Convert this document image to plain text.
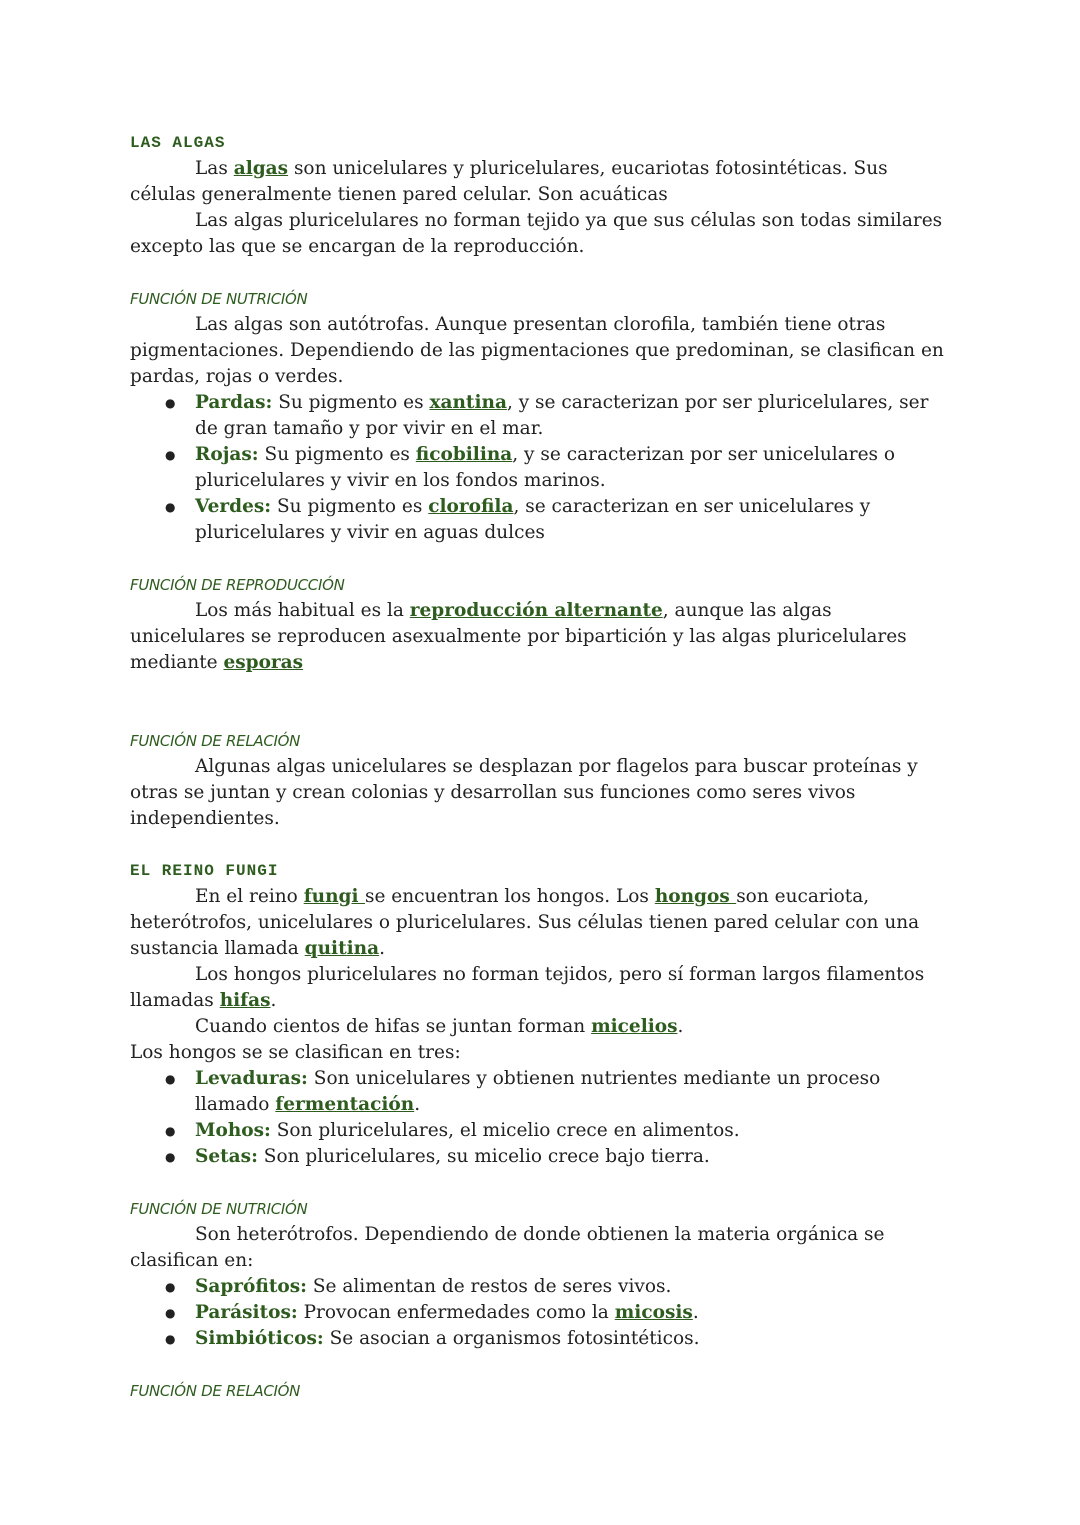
LAS ALGAS

Las algas son unicelulares y pluricelulares, eucariotas fotosintéticas. Sus células generalmente tienen pared celular. Son acuáticas

Las algas pluricelulares no forman tejido ya que sus células son todas similares excepto las que se encargan de la reproducción.

FUNCIÓN DE NUTRICIÓN

Las algas son autótrofas. Aunque presentan clorofila, también tiene otras pigmentaciones. Dependiendo de las pigmentaciones que predominan, se clasifican en pardas, rojas o verdes.

● Pardas: Su pigmento es xantina, y se caracterizan por ser pluricelulares, ser de gran tamaño y por vivir en el mar.
● Rojas: Su pigmento es ficobilina, y se caracterizan por ser unicelulares o pluricelulares y vivir en los fondos marinos.
● Verdes: Su pigmento es clorofila, se caracterizan en ser unicelulares y pluricelulares y vivir en aguas dulces
FUNCIÓN DE REPRODUCCIÓN

Los más habitual es la reproducción alternante, aunque las algas unicelulares se reproducen asexualmente por bipartición y las algas pluricelulares mediante esporas

FUNCIÓN DE RELACIÓN

Algunas algas unicelulares se desplazan por flagelos para buscar proteínas y otras se juntan y crean colonias y desarrollan sus funciones como seres vivos independientes.

EL REINO FUNGI

En el reino fungi se encuentran los hongos. Los hongos son eucariota, heterótrofos, unicelulares o pluricelulares. Sus células tienen pared celular con una sustancia llamada quitina.

Los hongos pluricelulares no forman tejidos, pero sí forman largos filamentos llamadas hifas.

Cuando cientos de hifas se juntan forman micelios.

Los hongos se se clasifican en tres:

● Levaduras: Son unicelulares y obtienen nutrientes mediante un proceso llamado fermentación.
● Mohos: Son pluricelulares, el micelio crece en alimentos.
● Setas: Son pluricelulares, su micelio crece bajo tierra.
FUNCIÓN DE NUTRICIÓN

Son heterótrofos. Dependiendo de donde obtienen la materia orgánica se clasifican en:

● Saprófitos: Se alimentan de restos de seres vivos.
● Parásitos: Provocan enfermedades como la micosis.
● Simbióticos: Se asocian a organismos fotosintéticos.
FUNCIÓN DE RELACIÓN
